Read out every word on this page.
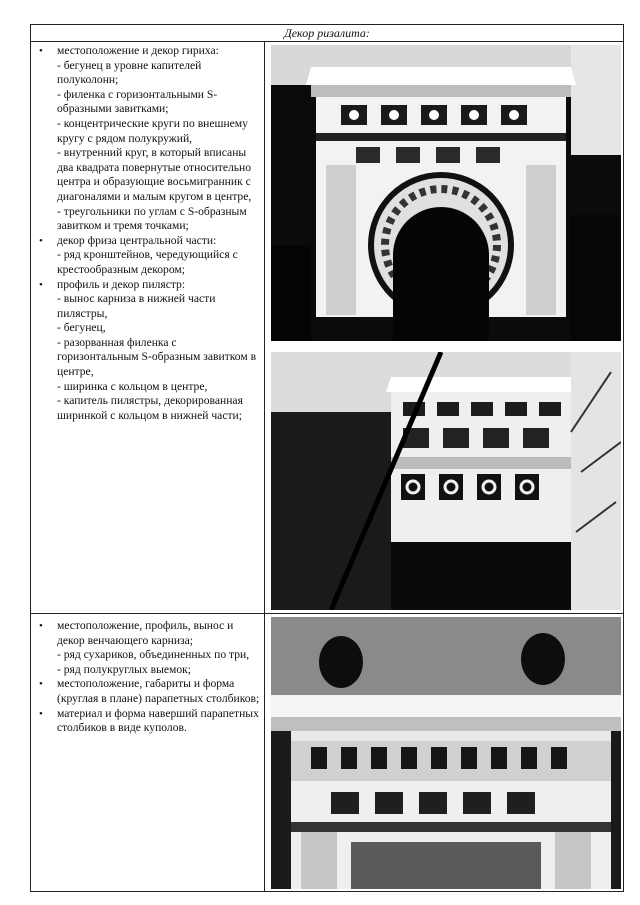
Декор ризалита:
• местоположение и декор гириха:
- бегунец в уровне капителей полуколонн;
- филенка с горизонтальными S-образными завитками;
- концентрические круги по внешнему кругу с рядом полукружий,
- внутренний круг, в который вписаны два квадрата повернутые относительно центра и образующие восьмигранник с диагоналями и малым кругом в центре,
- треугольники по углам с S-образным завитком и тремя точками;
• декор фриза центральной части:
- ряд кронштейнов, чередующийся с крестообразным декором;
• профиль и декор пилястр:
- вынос карниза в нижней части пилястры,
- бегунец,
- разорванная филенка с горизонтальным S-образным завитком в центре,
- ширинка с кольцом в центре,
- капитель пилястры, декорированная ширинкой с кольцом в нижней части;
• местоположение, профиль, вынос и декор венчающего карниза;
- ряд сухариков, объединенных по три,
- ряд полукруглых выемок;
• местоположение, габариты и форма (круглая в плане) парапетных столбиков;
• материал и форма наверший парапетных столбиков в виде куполов.
